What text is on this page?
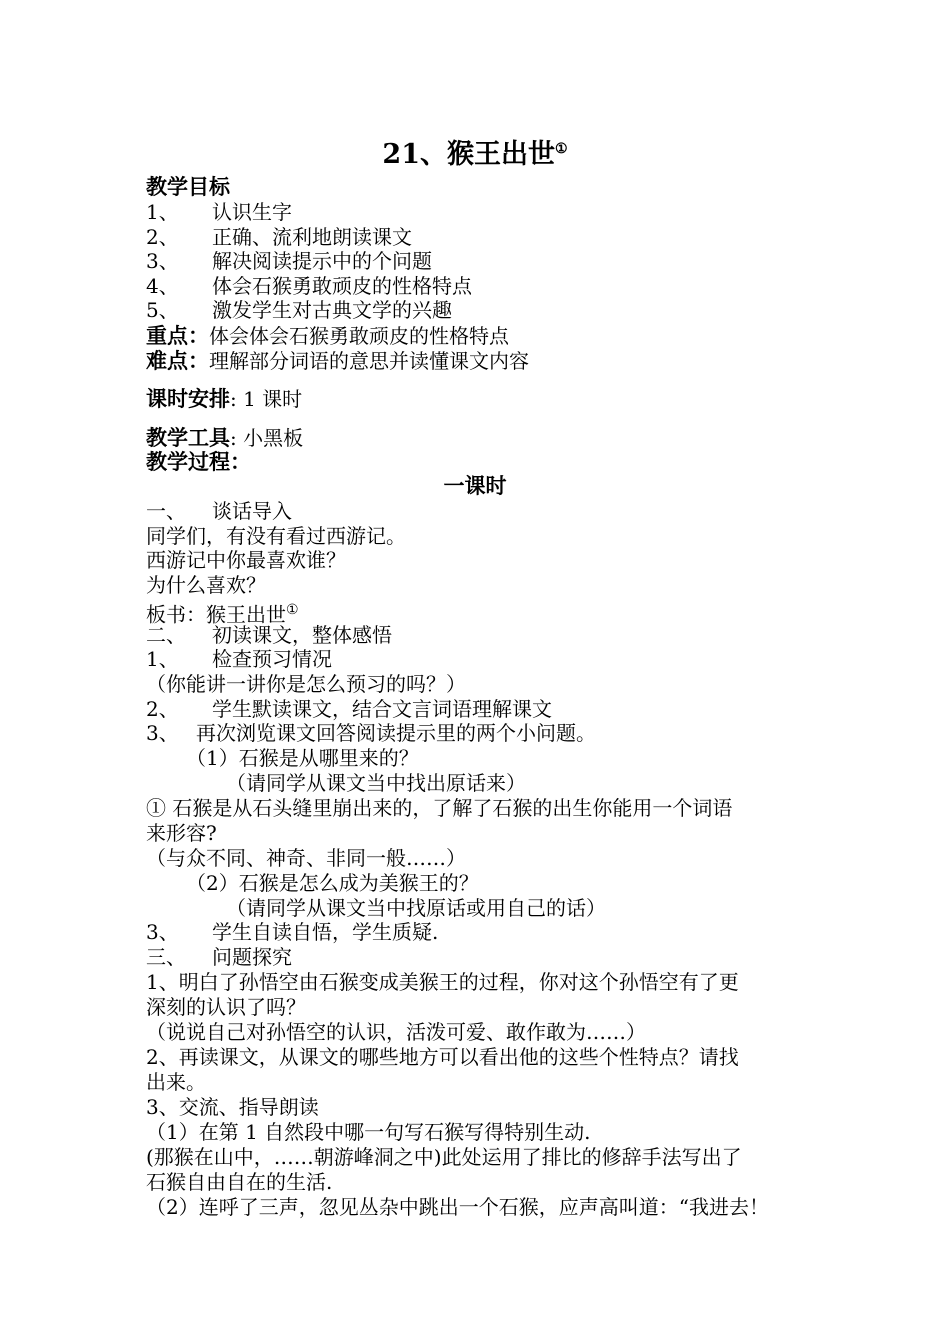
21、猴王出世①
教学目标
1、 认识生字
2、 正确、流利地朗读课文
3、 解决阅读提示中的个问题
4、 体会石猴勇敢顽皮的性格特点
5、 激发学生对古典文学的兴趣
重点：体会体会石猴勇敢顽皮的性格特点
难点：理解部分词语的意思并读懂课文内容
课时安排: 1 课时
教学工具: 小黑板
教学过程：
一课时
一、 谈话导入
同学们，有没有看过西游记。
西游记中你最喜欢谁？
为什么喜欢？
板书：猴王出世①
二、 初读课文，整体感悟
1、 检查预习情况
（你能讲一讲你是怎么预习的吗？）
2、 学生默读课文，结合文言词语理解课文
3、 再次浏览课文回答阅读提示里的两个小问题。
（1）石猴是从哪里来的？
（请同学从课文当中找出原话来）
① 石猴是从石头缝里崩出来的，了解了石猴的出生你能用一个词语
来形容?
（与众不同、神奇、非同一般……）
（2）石猴是怎么成为美猴王的？
（请同学从课文当中找原话或用自己的话）
3、 学生自读自悟，学生质疑.
三、 问题探究
1、明白了孙悟空由石猴变成美猴王的过程，你对这个孙悟空有了更
深刻的认识了吗？
（说说自己对孙悟空的认识，活泼可爱、敢作敢为……）
2、再读课文，从课文的哪些地方可以看出他的这些个性特点？请找
出来。
3、交流、指导朗读
（1）在第 1 自然段中哪一句写石猴写得特别生动.
(那猴在山中，……朝游峰洞之中)此处运用了排比的修辞手法写出了
石猴自由自在的生活.
（2）连呼了三声，忽见丛杂中跳出一个石猴，应声高叫道：“我进去！
